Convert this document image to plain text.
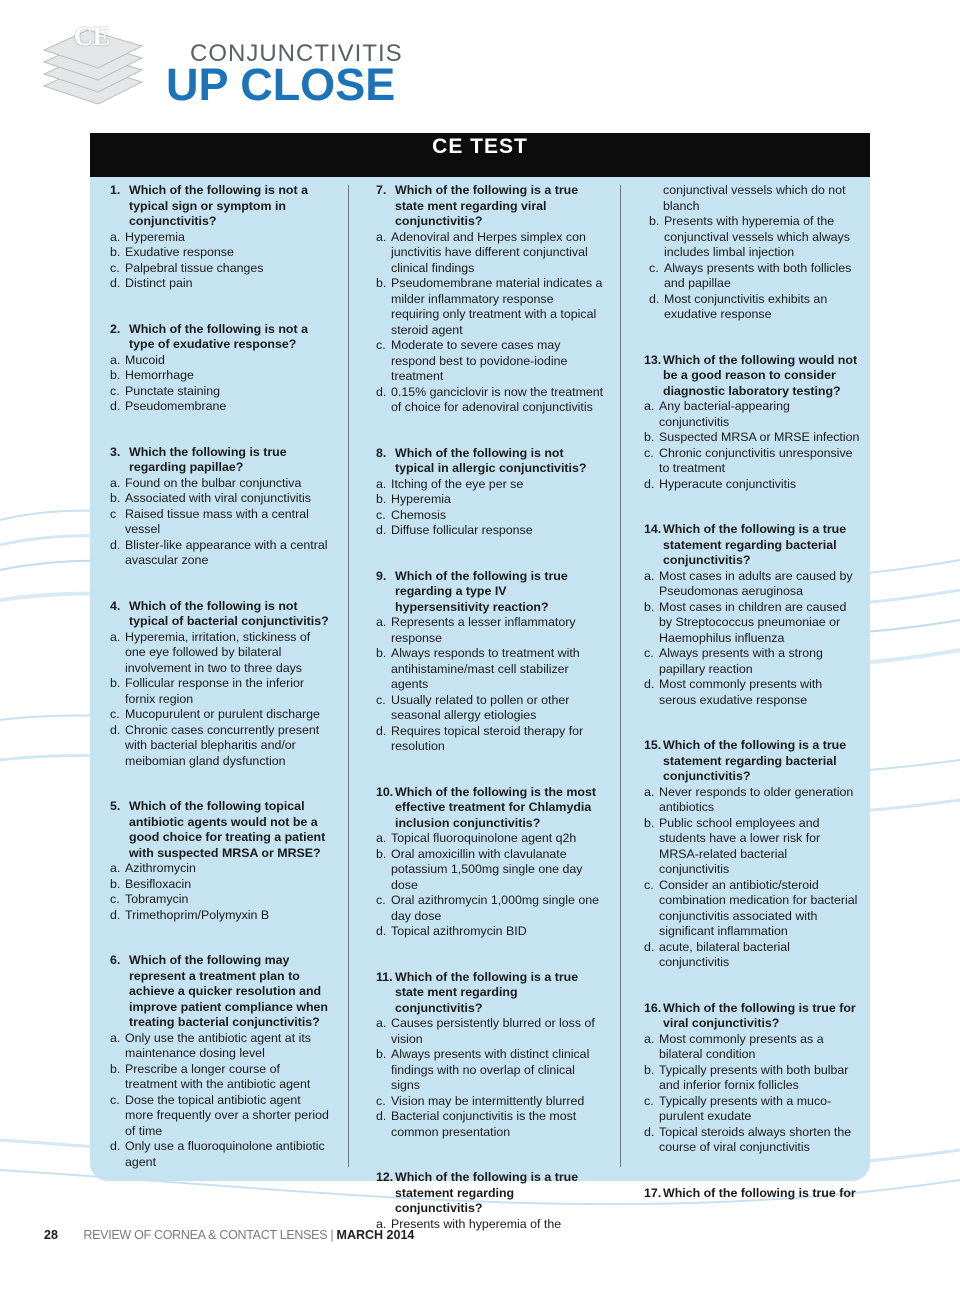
CE
CONJUNCTIVITIS
UP CLOSE
CE TEST
1. Which of the following is not a typical sign or symptom in conjunctivitis?
a. Hyperemia
b. Exudative response
c. Palpebral tissue changes
d. Distinct pain
2. Which of the following is not a type of exudative response?
a. Mucoid
b. Hemorrhage
c. Punctate staining
d. Pseudomembrane
3. Which the following is true regarding papillae?
a. Found on the bulbar conjunctiva
b. Associated with viral conjunctivitis
c Raised tissue mass with a central vessel
d. Blister-like appearance with a central avascular zone
4. Which of the following is not typical of bacterial conjunctivitis?
a. Hyperemia, irritation, stickiness of one eye followed by bilateral involvement in two to three days
b. Follicular response in the inferior fornix region
c. Mucopurulent or purulent discharge
d. Chronic cases concurrently present with bacterial blepharitis and/or meibomian gland dysfunction
5. Which of the following topical antibiotic agents would not be a good choice for treating a patient with suspected MRSA or MRSE?
a. Azithromycin
b. Besifloxacin
c. Tobramycin
d. Trimethoprim/Polymyxin B
6. Which of the following may represent a treatment plan to achieve a quicker resolution and improve patient compliance when treating bacterial conjunctivitis?
a. Only use the antibiotic agent at its maintenance dosing level
b. Prescribe a longer course of treatment with the antibiotic agent
c. Dose the topical antibiotic agent more frequently over a shorter period of time
d. Only use a fluoroquinolone antibiotic agent
7. Which of the following is a true state ment regarding viral conjunctivitis?
a. Adenoviral and Herpes simplex con junctivitis have different conjunctival clinical findings
b. Pseudomembrane material indicates a milder inflammatory response requiring only treatment with a topical steroid agent
c. Moderate to severe cases may respond best to povidone-iodine treatment
d. 0.15% ganciclovir is now the treatment of choice for adenoviral conjunctivitis
8. Which of the following is not typical in allergic conjunctivitis?
a. Itching of the eye per se
b. Hyperemia
c. Chemosis
d. Diffuse follicular response
9. Which of the following is true regarding a type IV hypersensitivity reaction?
a. Represents a lesser inflammatory response
b. Always responds to treatment with antihistamine/mast cell stabilizer agents
c. Usually related to pollen or other seasonal allergy etiologies
d. Requires topical steroid therapy for resolution
10. Which of the following is the most effective treatment for Chlamydia inclusion conjunctivitis?
a. Topical fluoroquinolone agent q2h
b. Oral amoxicillin with clavulanate potassium 1,500mg single one day dose
c. Oral azithromycin 1,000mg single one day dose
d. Topical azithromycin BID
11. Which of the following is a true state ment regarding conjunctivitis?
a. Causes persistently blurred or loss of vision
b. Always presents with distinct clinical findings with no overlap of clinical signs
c. Vision may be intermittently blurred
d. Bacterial conjunctivitis is the most common presentation
12. Which of the following is a true statement regarding conjunctivitis?
a. Presents with hyperemia of the
conjunctival vessels which do not blanch
b. Presents with hyperemia of the conjunctival vessels which always includes limbal injection
c. Always presents with both follicles and papillae
d. Most conjunctivitis exhibits an exudative response
13. Which of the following would not be a good reason to consider diagnostic laboratory testing?
a. Any bacterial-appearing conjunctivitis
b. Suspected MRSA or MRSE infection
c. Chronic conjunctivitis unresponsive to treatment
d. Hyperacute conjunctivitis
14. Which of the following is a true statement regarding bacterial conjunctivitis?
a. Most cases in adults are caused by Pseudomonas aeruginosa
b. Most cases in children are caused by Streptococcus pneumoniae or Haemophilus influenza
c. Always presents with a strong papillary reaction
d. Most commonly presents with serous exudative response
15. Which of the following is a true statement regarding bacterial conjunctivitis?
a. Never responds to older generation antibiotics
b. Public school employees and students have a lower risk for MRSA-related bacterial conjunctivitis
c. Consider an antibiotic/steroid combination medication for bacterial conjunctivitis associated with significant inflammation
d. acute, bilateral bacterial conjunctivitis
16. Which of the following is true for viral conjunctivitis?
a. Most commonly presents as a bilateral condition
b. Typically presents with both bulbar and inferior fornix follicles
c. Typically presents with a muco-purulent exudate
d. Topical steroids always shorten the course of viral conjunctivitis
17. Which of the following is true for
28 REVIEW OF CORNEA & CONTACT LENSES | MARCH 2014
